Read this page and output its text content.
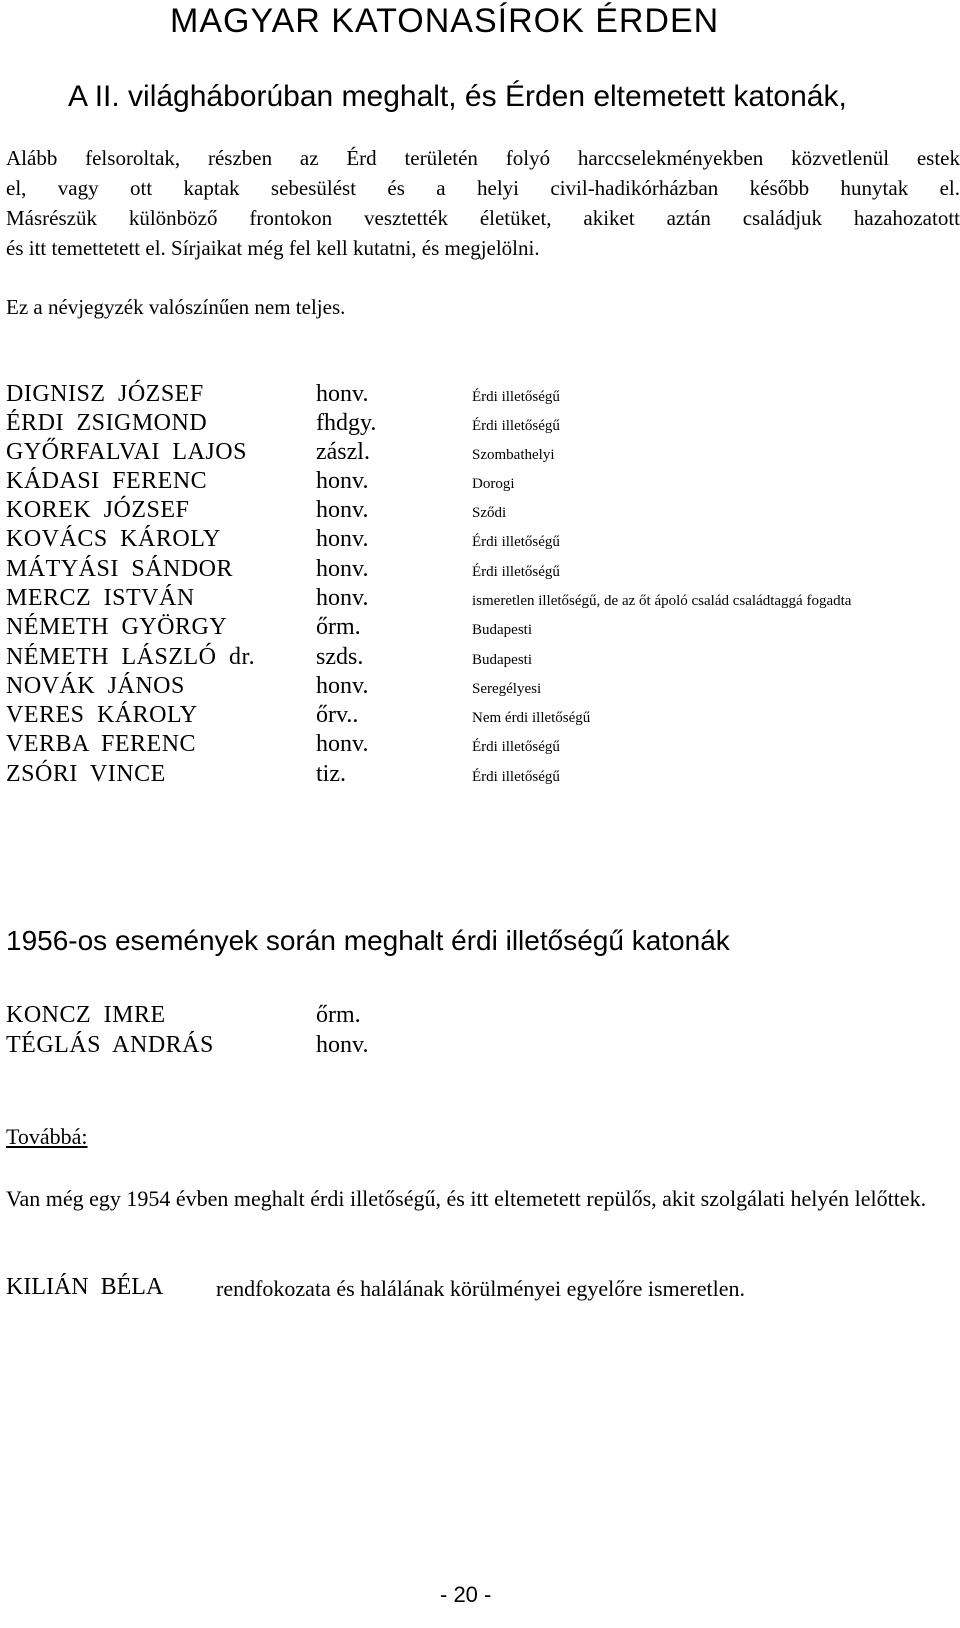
MAGYAR KATONASÍROK ÉRDEN
A II. világháborúban meghalt, és Érden eltemetett katonák,
Alább felsoroltak, részben az Érd területén folyó harccselekményekben közvetlenül estek
el, vagy ott kaptak sebesülést és a helyi civil-hadikórházban később hunytak el.
Másrészük különböző frontokon vesztették életüket, akiket aztán családjuk hazahozatott
és itt temettetett el. Sírjaikat még fel kell kutatni, és megjelölni.
Ez a névjegyzék valószínűen nem teljes.
DIGNISZ JÓZSEF	honv.	Érdi illetőségű
ÉRDI ZSIGMOND	fhdgy.	Érdi illetőségű
GYŐRFALVAI LAJOS	zászl.	Szombathelyi
KÁDASI FERENC	honv.	Dorogi
KOREK JÓZSEF	honv.	Sződi
KOVÁCS KÁROLY	honv.	Érdi illetőségű
MÁTYÁSI SÁNDOR	honv.	Érdi illetőségű
MERCZ ISTVÁN	honv.	ismeretlen illetőségű, de az őt ápoló család családtaggá fogadta
NÉMETH GYÖRGY	őrm.	Budapesti
NÉMETH LÁSZLÓ dr.	szds.	Budapesti
NOVÁK JÁNOS	honv.	Seregélyesi
VERES KÁROLY	őrv..	Nem érdi illetőségű
VERBA FERENC	honv.	Érdi illetőségű
ZSÓRI VINCE	tiz.	Érdi illetőségű
1956-os események során meghalt érdi illetőségű katonák
KONCZ IMRE	őrm.
TÉGLÁS ANDRÁS	honv.
Továbbá:
Van még egy 1954 évben meghalt érdi illetőségű, és itt eltemetett repülős, akit szolgálati helyén lelőttek.
KILIÁN BÉLA rendfokozata és halálának körülményei egyelőre ismeretlen.
- 20 -
